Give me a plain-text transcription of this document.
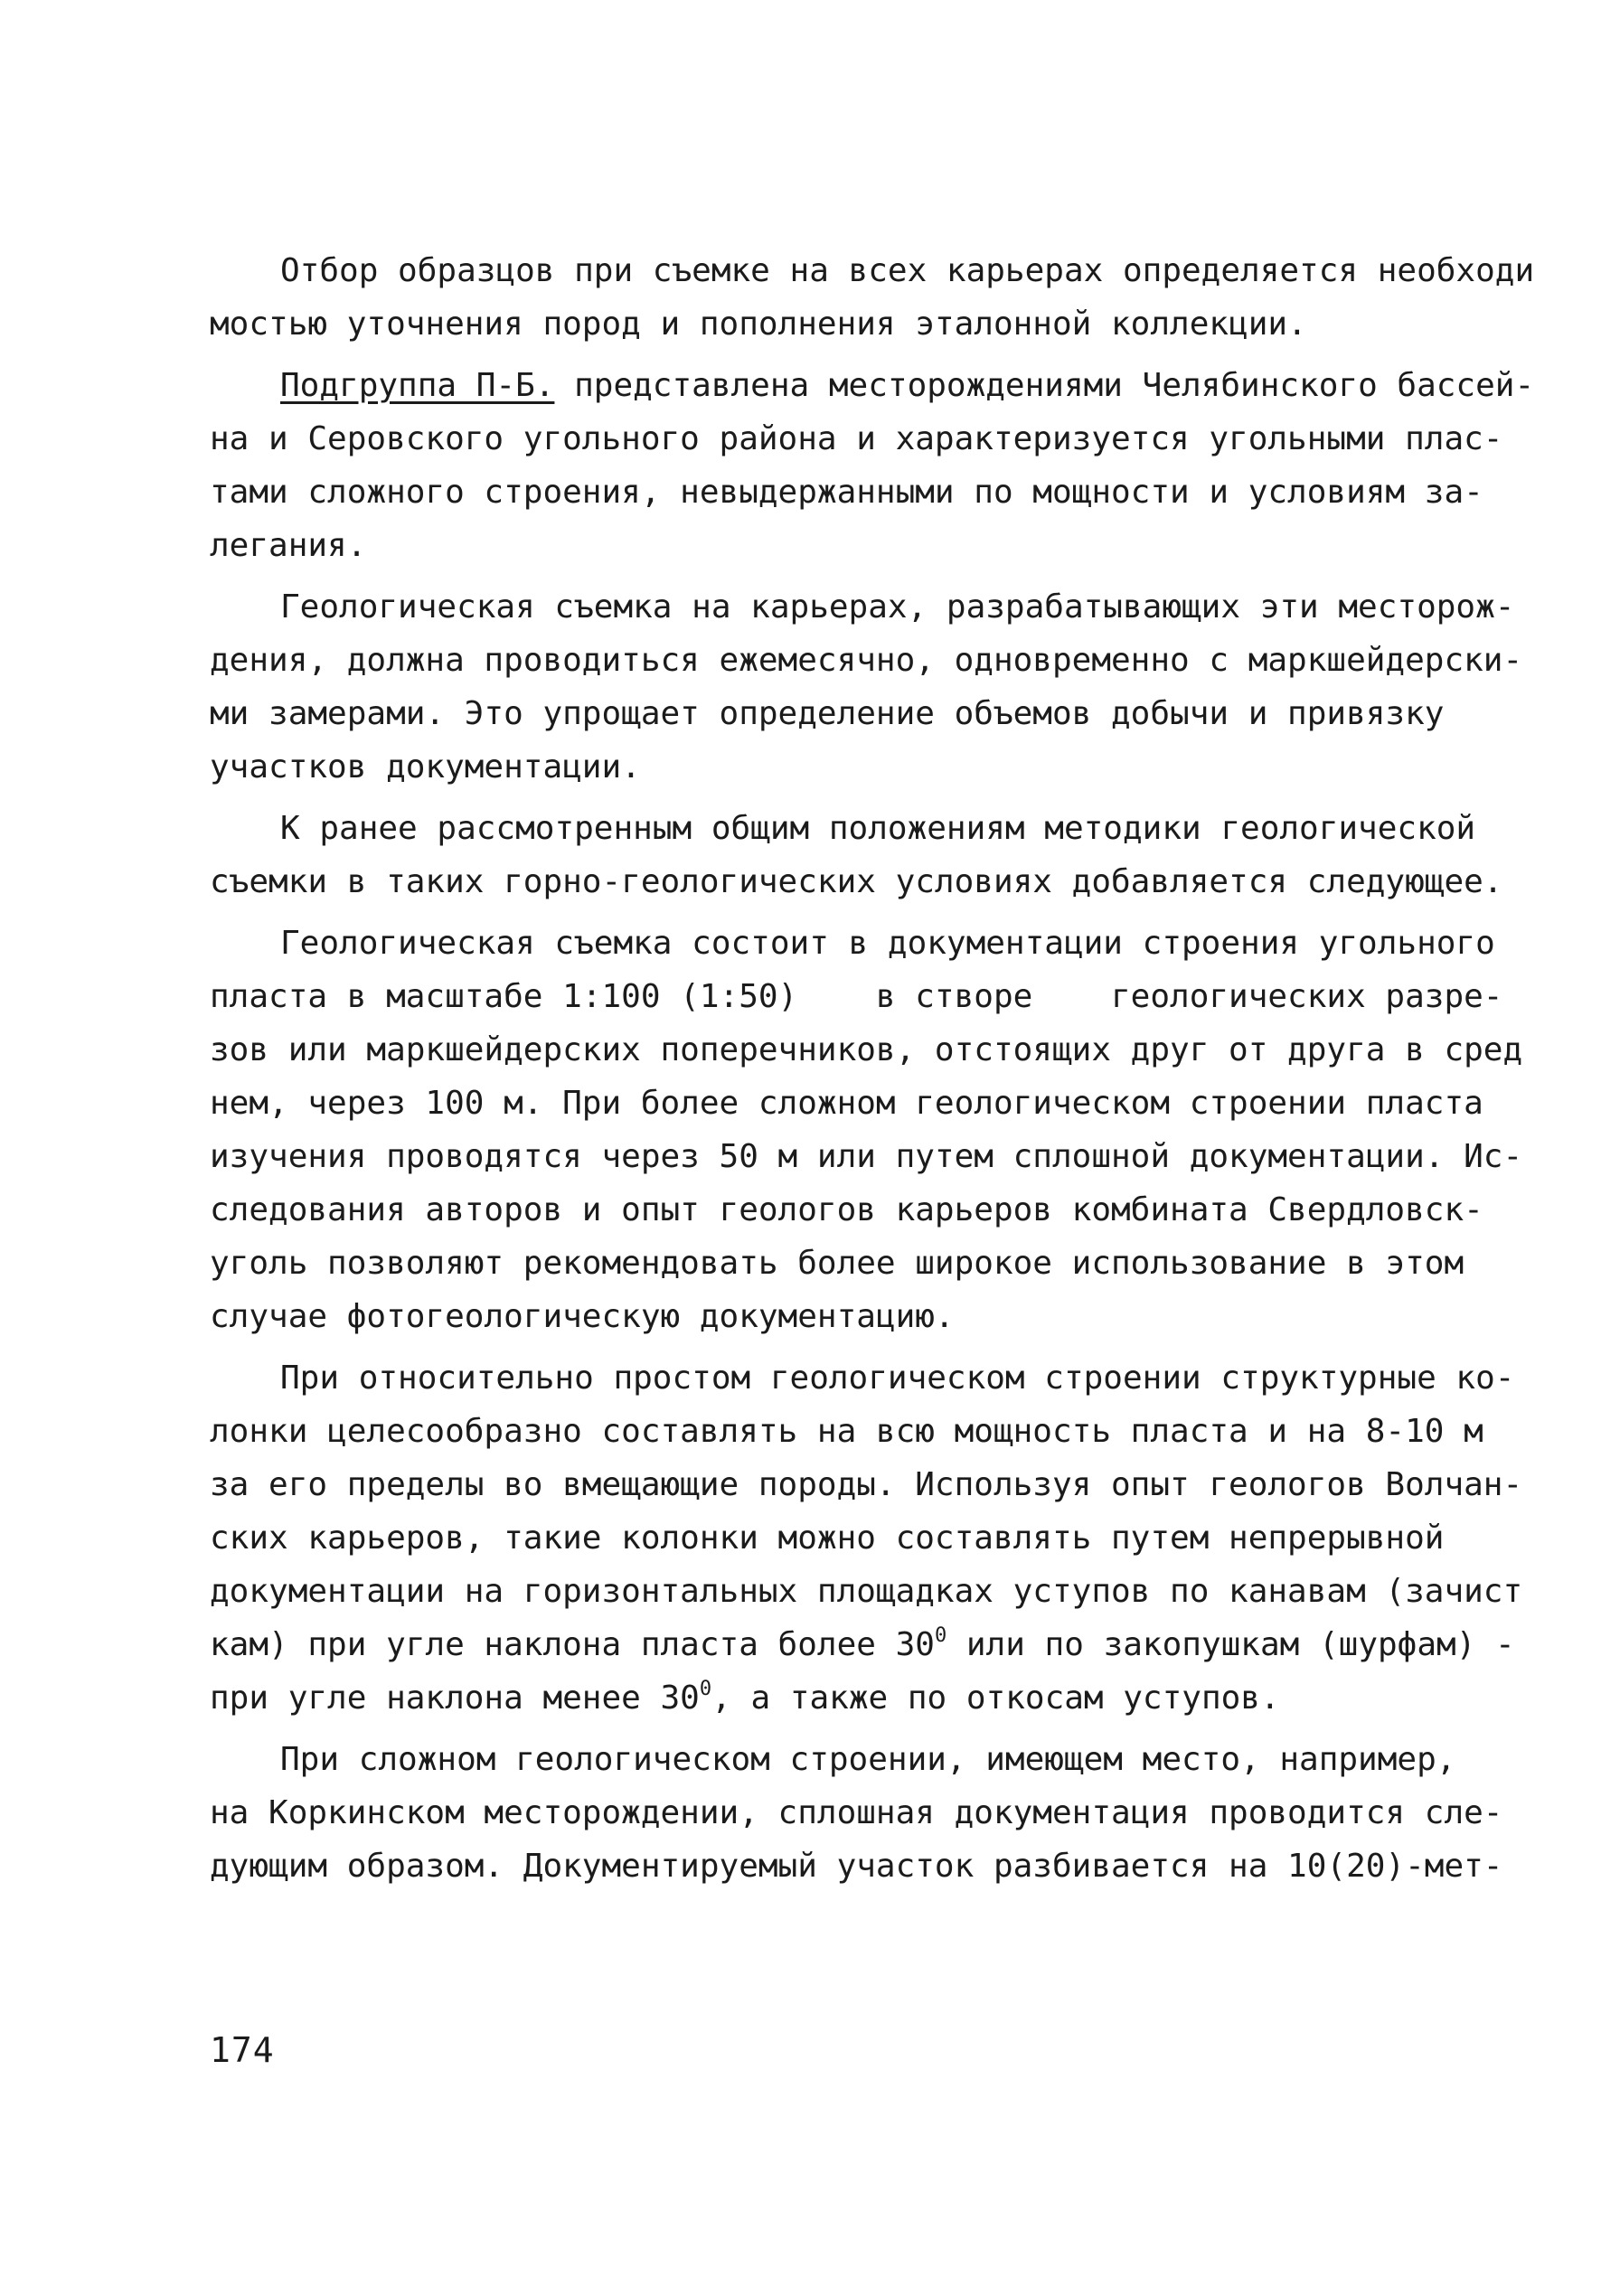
Отбор образцов при съемке на всех карьерах определяется необходи
мостью уточнения пород и пополнения эталонной коллекции.
Подгруппа П-Б. представлена месторождениями Челябинского бассей-
на и Серовского угольного района и характеризуется угольными плас-
тами сложного строения, невыдержанными по мощности и условиям за-
легания.
Геологическая съемка на карьерах, разрабатывающих эти месторож-
дения, должна проводиться ежемесячно, одновременно с маркшейдерски-
ми замерами. Это упрощает определение объемов добычи и привязку
участков документации.
К ранее рассмотренным общим положениям методики геологической
съемки в таких горно-геологических условиях добавляется следующее.
Геологическая съемка состоит в документации строения угольного
пласта в масштабе 1:100 (1:50)    в створе    геологических разре-
зов или маркшейдерских поперечников, отстоящих друг от друга в сред
нем, через 100 м. При более сложном геологическом строении пласта
изучения проводятся через 50 м или путем сплошной документации. Ис-
следования авторов и опыт геологов карьеров комбината Свердловск-
уголь позволяют рекомендовать более широкое использование в этом
случае фотогеологическую документацию.
При относительно простом геологическом строении структурные ко-
лонки целесообразно составлять на всю мощность пласта и на 8-10 м
за его пределы во вмещающие породы. Используя опыт геологов Волчан-
ских карьеров, такие колонки можно составлять путем непрерывной
документации на горизонтальных площадках уступов по канавам (зачист
кам) при угле наклона пласта более $30^0$ или по закопушкам (шурфам) -
при угле наклона менее $30^0$, а также по откосам уступов.
При сложном геологическом строении, имеющем место, например,
на Коркинском месторождении, сплошная документация проводится сле-
дующим образом. Документируемый участок разбивается на 10(20)-мет-
174
